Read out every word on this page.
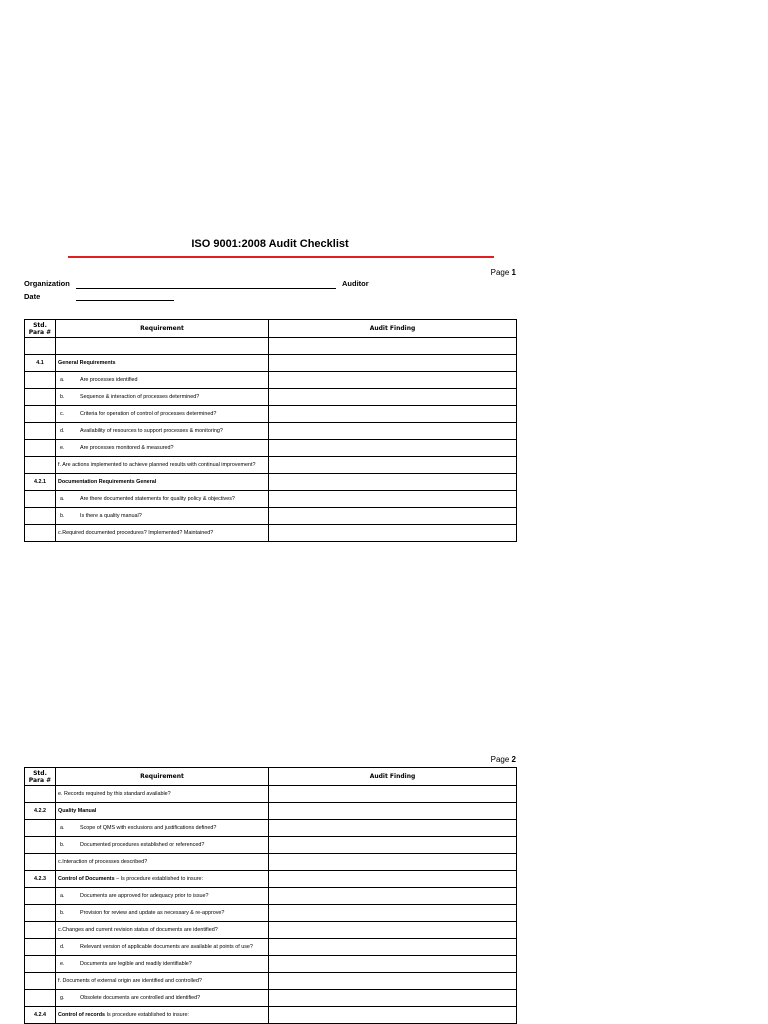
ISO 9001:2008 Audit Checklist
Page 1
Organization	Auditor
Date
Std. Para #	Requirement	Audit Finding

4.1	General Requirements	
	a. Are processes identified	
	b. Sequence & interaction of processes determined?	
	c. Criteria for operation of control of processes determined?	
	d. Availability of resources to support processes & monitoring?	
	e. Are processes monitored & measured?	
	f. Are actions implemented to achieve planned results with continual improvement?	
4.2.1	Documentation Requirements General	
	a. Are there documented statements for quality policy & objectives?	
	b. Is there a quality manual?	
	c.Required documented procedures? Implemented? Maintained?	
Page 2
Std. Para #	Requirement	Audit Finding
	e. Records required by this standard available?	
4.2.2	Quality Manual	
	a. Scope of QMS with exclusions and justifications defined?	
	b. Documented procedures established or referenced?	
	c.Interaction of processes described?	
4.2.3	Control of Documents – Is procedure established to insure:	
	a. Documents are approved for adequacy prior to issue?	
	b. Provision for review and update as necessary & re-approve?	
	c.Changes and current revision status of documents are identified?	
	d. Relevant version of applicable documents are available at points of use?	
	e. Documents are legible and readily identifiable?	
	f. Documents of external origin are identified and controlled?	
	g. Obsolete documents are controlled and identified?	
4.2.4	Control of records Is procedure established to insure:	
